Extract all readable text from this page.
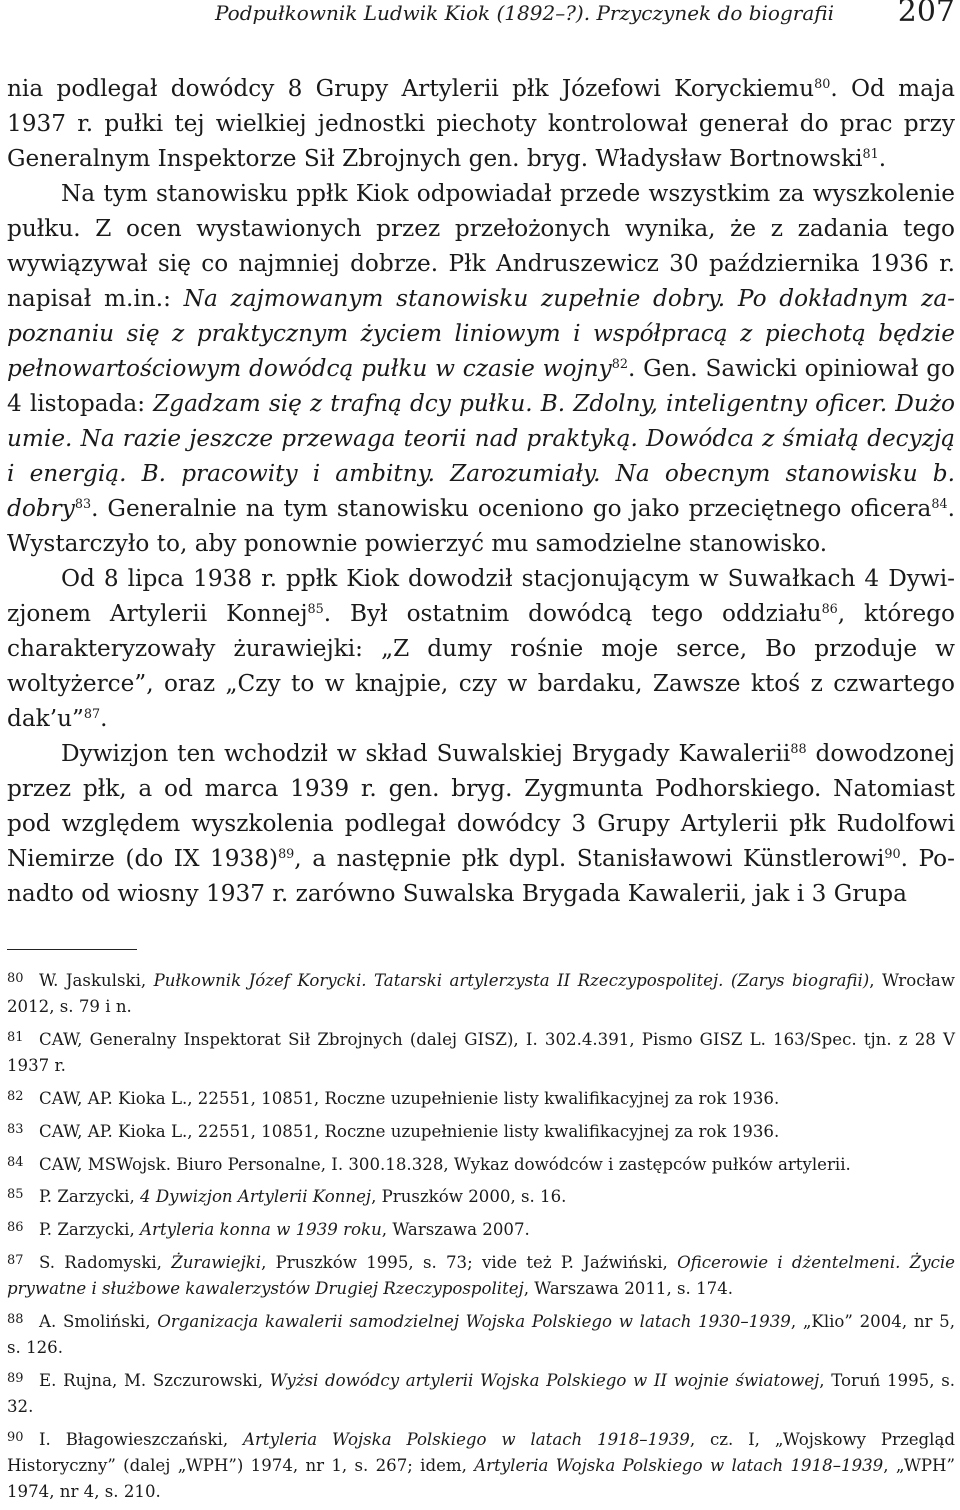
Podpułkownik Ludwik Kiok (1892–?). Przyczynek do biografii 207

nia podlegał dowódcy 8 Grupy Artylerii płk Józefowi Koryckiemu$^{80}$. Od maja 1937 r. pułki tej wielkiej jednostki piechoty kontrolował generał do prac przy Generalnym Inspektorze Sił Zbrojnych gen. bryg. Władysław Bortnowski$^{81}$.

Na tym stanowisku ppłk Kiok odpowiadał przede wszystkim za wyszkolenie pułku. Z ocen wystawionych przez przełożonych wynika, że z zadania tego wywiązywał się co najmniej dobrze. Płk Andruszewicz 30 października 1936 r. napisał m.in.: Na zajmowanym stanowisku zupełnie dobry. Po dokładnym zapoznaniu się z praktycznym życiem liniowym i współpracą z piechotą będzie pełnowartościowym dowódcą pułku w czasie wojny$^{82}$. Gen. Sawicki opiniował go 4 listopada: Zgadzam się z trafną dcy pułku. B. Zdolny, inteligentny oficer. Dużo umie. Na razie jeszcze przewaga teorii nad praktyką. Dowódca z śmiałą decyzją i energią. B. pracowity i ambitny. Zarozumiały. Na obecnym stanowisku b. dobry$^{83}$. Generalnie na tym stanowisku oceniono go jako przeciętnego oficera$^{84}$. Wystarczyło to, aby ponownie powierzyć mu samodzielne stanowisko.

Od 8 lipca 1938 r. ppłk Kiok dowodził stacjonującym w Suwałkach 4 Dywizjonem Artylerii Konnej$^{85}$. Był ostatnim dowódcą tego oddziału$^{86}$, którego charakteryzowały żurawiejki: „Z dumy rośnie moje serce, Bo przoduje w woltyżerce”, oraz „Czy to w knajpie, czy w bardaku, Zawsze ktoś z czwartego dak’u”$^{87}$.

Dywizjon ten wchodził w skład Suwalskiej Brygady Kawalerii$^{88}$ dowodzonej przez płk, a od marca 1939 r. gen. bryg. Zygmunta Podhorskiego. Natomiast pod względem wyszkolenia podlegał dowódcy 3 Grupy Artylerii płk Rudolfowi Niemirze (do IX 1938)$^{89}$, a następnie płk dypl. Stanisławowi Künstlerowi$^{90}$. Ponadto od wiosny 1937 r. zarówno Suwalska Brygada Kawalerii, jak i 3 Grupa

80 W. Jaskulski, Pułkownik Józef Korycki. Tatarski artylerzysta II Rzeczypospolitej. (Zarys biografii), Wrocław 2012, s. 79 i n.

81 CAW, Generalny Inspektorat Sił Zbrojnych (dalej GISZ), I. 302.4.391, Pismo GISZ L. 163/Spec. tjn. z 28 V 1937 r.

82 CAW, AP. Kioka L., 22551, 10851, Roczne uzupełnienie listy kwalifikacyjnej za rok 1936.

83 CAW, AP. Kioka L., 22551, 10851, Roczne uzupełnienie listy kwalifikacyjnej za rok 1936.

84 CAW, MSWojsk. Biuro Personalne, I. 300.18.328, Wykaz dowódców i zastępców pułków artylerii.

85 P. Zarzycki, 4 Dywizjon Artylerii Konnej, Pruszków 2000, s. 16.

86 P. Zarzycki, Artyleria konna w 1939 roku, Warszawa 2007.

87 S. Radomyski, Żurawiejki, Pruszków 1995, s. 73; vide też P. Jaźwiński, Oficerowie i dżentelmeni. Życie prywatne i służbowe kawalerzystów Drugiej Rzeczypospolitej, Warszawa 2011, s. 174.

88 A. Smoliński, Organizacja kawalerii samodzielnej Wojska Polskiego w latach 1930–1939, „Klio” 2004, nr 5, s. 126.

89 E. Rujna, M. Szczurowski, Wyżsi dowódcy artylerii Wojska Polskiego w II wojnie światowej, Toruń 1995, s. 32.

90 I. Błagowieszczański, Artyleria Wojska Polskiego w latach 1918–1939, cz. I, „Wojskowy Przegląd Historyczny” (dalej „WPH”) 1974, nr 1, s. 267; idem, Artyleria Wojska Polskiego w latach 1918–1939, „WPH” 1974, nr 4, s. 210.
